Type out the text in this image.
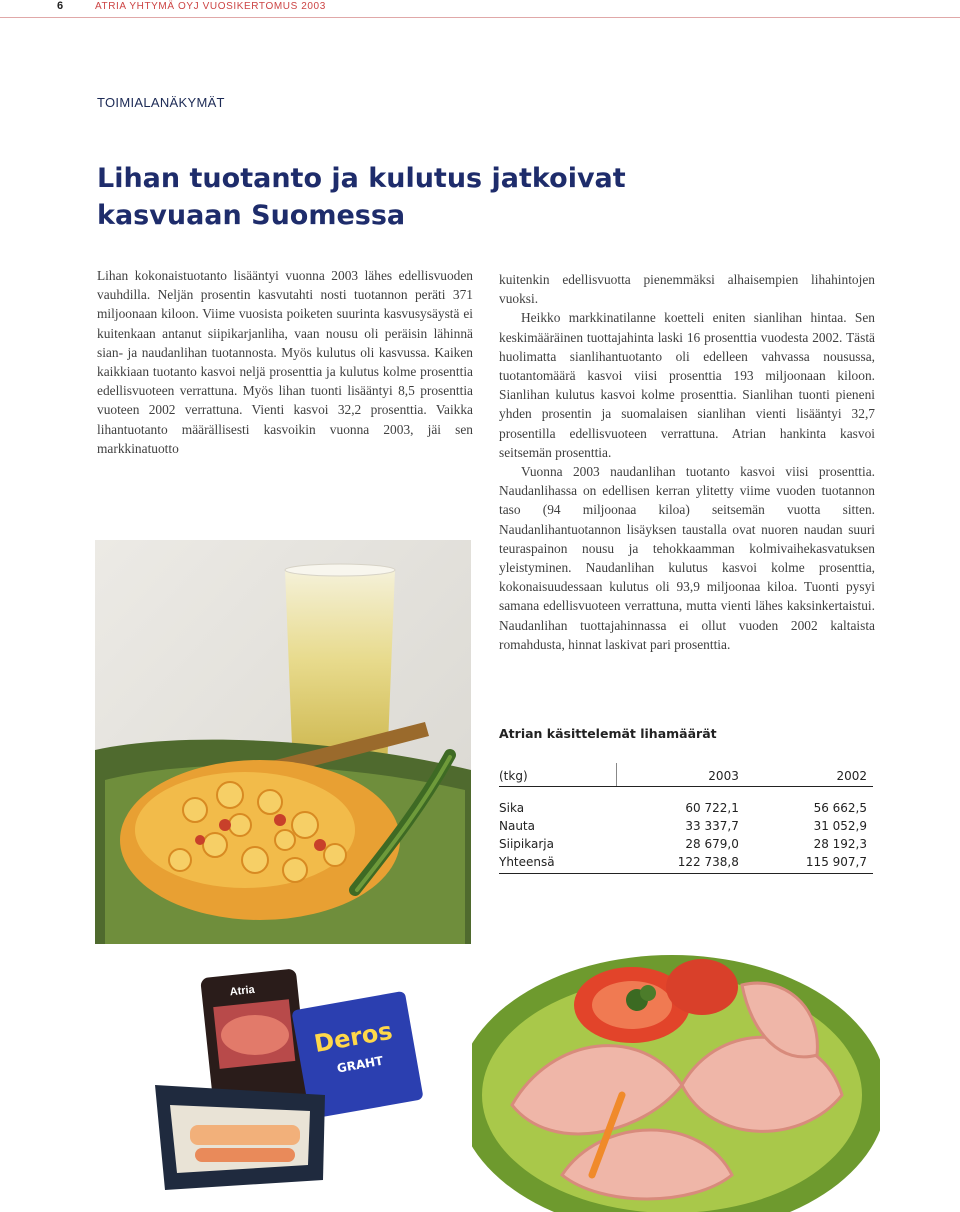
6	ATRIA YHTYMÄ OYJ VUOSIKERTOMUS 2003
TOIMIALANÄKYMÄT
Lihan tuotanto ja kulutus jatkoivat
kasvuaan Suomessa

Lihan kokonaistuotanto lisääntyi vuonna 2003 lähes edellisvuoden vauhdilla. Neljän prosentin kasvutahti nosti tuotannon peräti 371 miljoonaan kiloon. Viime vuosista poiketen suurinta kasvusysäystä ei kuitenkaan antanut siipikarjanliha, vaan nousu oli peräisin lähinnä sian- ja naudanlihan tuotannosta. Myös kulutus oli kasvussa. Kaiken kaikkiaan tuotanto kasvoi neljä prosenttia ja kulutus kolme prosenttia edellisvuoteen verrattuna. Myös lihan tuonti lisääntyi 8,5 prosenttia vuoteen 2002 verrattuna. Vienti kasvoi 32,2 prosenttia. Vaikka lihantuotanto määrällisesti kasvoikin vuonna 2003, jäi sen markkinatuotto

kuitenkin edellisvuotta pienemmäksi alhaisempien lihahintojen vuoksi.

Heikko markkinatilanne koetteli eniten sianlihan hintaa. Sen keskimääräinen tuottajahinta laski 16 prosenttia vuodesta 2002. Tästä huolimatta sianlihantuotanto oli edelleen vahvassa nousussa, tuotantomäärä kasvoi viisi prosenttia 193 miljoonaan kiloon. Sianlihan kulutus kasvoi kolme prosenttia. Sianlihan tuonti pieneni yhden prosentin ja suomalaisen sianlihan vienti lisääntyi 32,7 prosentilla edellisvuoteen verrattuna. Atrian hankinta kasvoi seitsemän prosenttia.

Vuonna 2003 naudanlihan tuotanto kasvoi viisi prosenttia. Naudanlihassa on edellisen kerran ylitetty viime vuoden tuotannon taso (94 miljoonaa kiloa) seitsemän vuotta sitten. Naudanlihantuotannon lisäyksen taustalla ovat nuoren naudan suuri teuraspainon nousu ja tehokkaamman kolmivaihekasvatuksen yleistyminen. Naudanlihan kulutus kasvoi kolme prosenttia, kokonaisuudessaan kulutus oli 93,9 miljoonaa kiloa. Tuonti pysyi samana edellisvuoteen verrattuna, mutta vienti lähes kaksinkertaistui. Naudanlihan tuottajahinnassa ei ollut vuoden 2002 kaltaista romahdusta, hinnat laskivat pari prosenttia.

Atrian käsittelemät lihamäärät
(tkg)	2003	2002
Sika	60 722,1	56 662,5
Nauta	33 337,7	31 052,9
Siipikarja	28 679,0	28 192,3
Yhteensä	122 738,8	115 907,7
Atria
Deros
GRAHT
